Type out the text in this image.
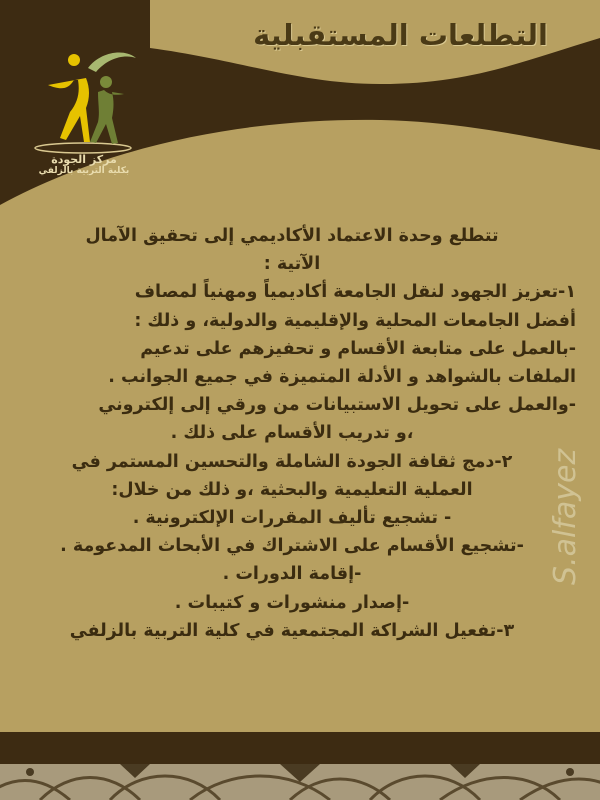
التطلعات المستقبلية
مركز الجودة
بكلية التربية بالزلفي
تتطلع وحدة الاعتماد الأكاديمي إلى تحقيق الآمال
الآتية :
١-تعزيز الجهود لنقل الجامعة أكاديمياً ومهنياً لمصاف
أفضل الجامعات المحلية والإقليمية والدولية، و ذلك :
-بالعمل على متابعة الأقسام و تحفيزهم على تدعيم
الملفات بالشواهد و الأدلة المتميزة في جميع الجوانب .
-والعمل على تحويل الاستبيانات من ورقي إلى إلكتروني
،و تدريب الأقسام على ذلك .
٢-دمج ثقافة الجودة الشاملة والتحسين المستمر في
العملية التعليمية والبحثية ،و ذلك من خلال:
- تشجيع تأليف المقررات الإلكترونية .
-تشجيع الأقسام على الاشتراك في الأبحاث المدعومة .
-إقامة الدورات .
-إصدار منشورات و كتيبات .
٣-تفعيل الشراكة المجتمعية في كلية التربية بالزلفي
S.alfayez
